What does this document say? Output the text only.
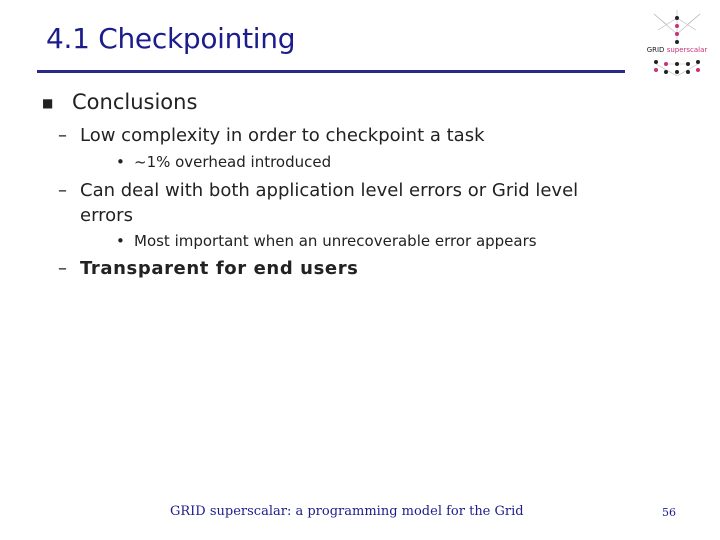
4.1 Checkpointing	GRID superscalar
■ Conclusions
– Low complexity in order to checkpoint a task
• ~1% overhead introduced
– Can deal with both application level errors or Grid level
errors
• Most important when an unrecoverable error appears
– Transparent for end users
GRID superscalar: a programming model for the Grid	56
